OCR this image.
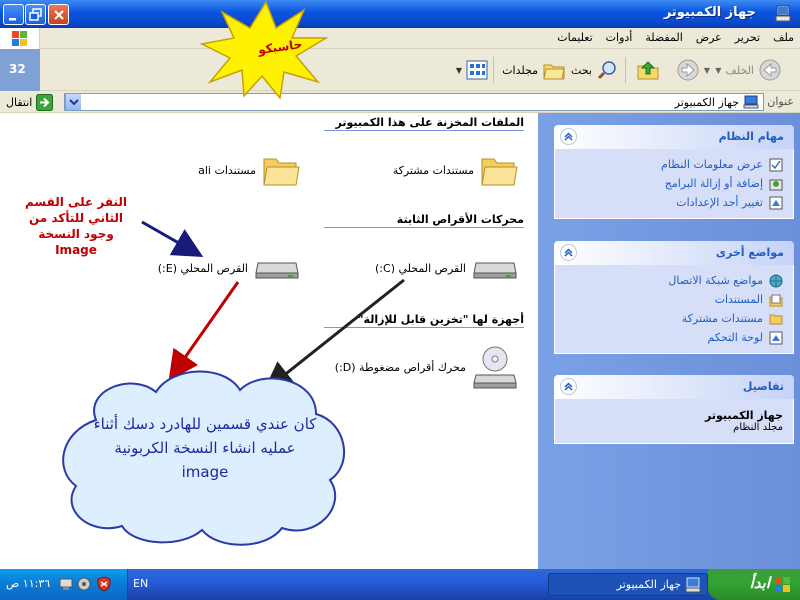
جهاز الكمبيوتر
ملف
تحرير
عرض
المفضلة
أدوات
تعليمات
32	الخلف
▼
▼
بحث
مجلدات
▼
عنوان
جهاز الكمبيوتر
انتقال
الملفات المخزنة على هذا الكمبيوتر
مستندات مشتركة
مستندات ali
محركات الأقراص الثابتة
القرص المحلي (C:)
القرص المحلي (E:)
أجهزة لها "تخزين قابل للإزالة"
محرك أقراص مضغوطة (D:)
مهام النظام
عرض معلومات النظام
إضافة أو إزالة البرامج
تغيير أحد الإعدادات
مواضع أخرى
مواضع شبكة الاتصال
المستندات
مستندات مشتركة
لوحة التحكم
تفاصيل
جهاز الكمبيوتر
مجلد النظام
ابدأ
جهاز الكمبيوتر
EN
١١:٣٦ ص
حاسبكو
النقر على القسم الثاني للتأكد من وجود النسخة Image
كان عندي قسمين للهادرد دسك أثناء عمليه انشاء النسخة الكربونية image
